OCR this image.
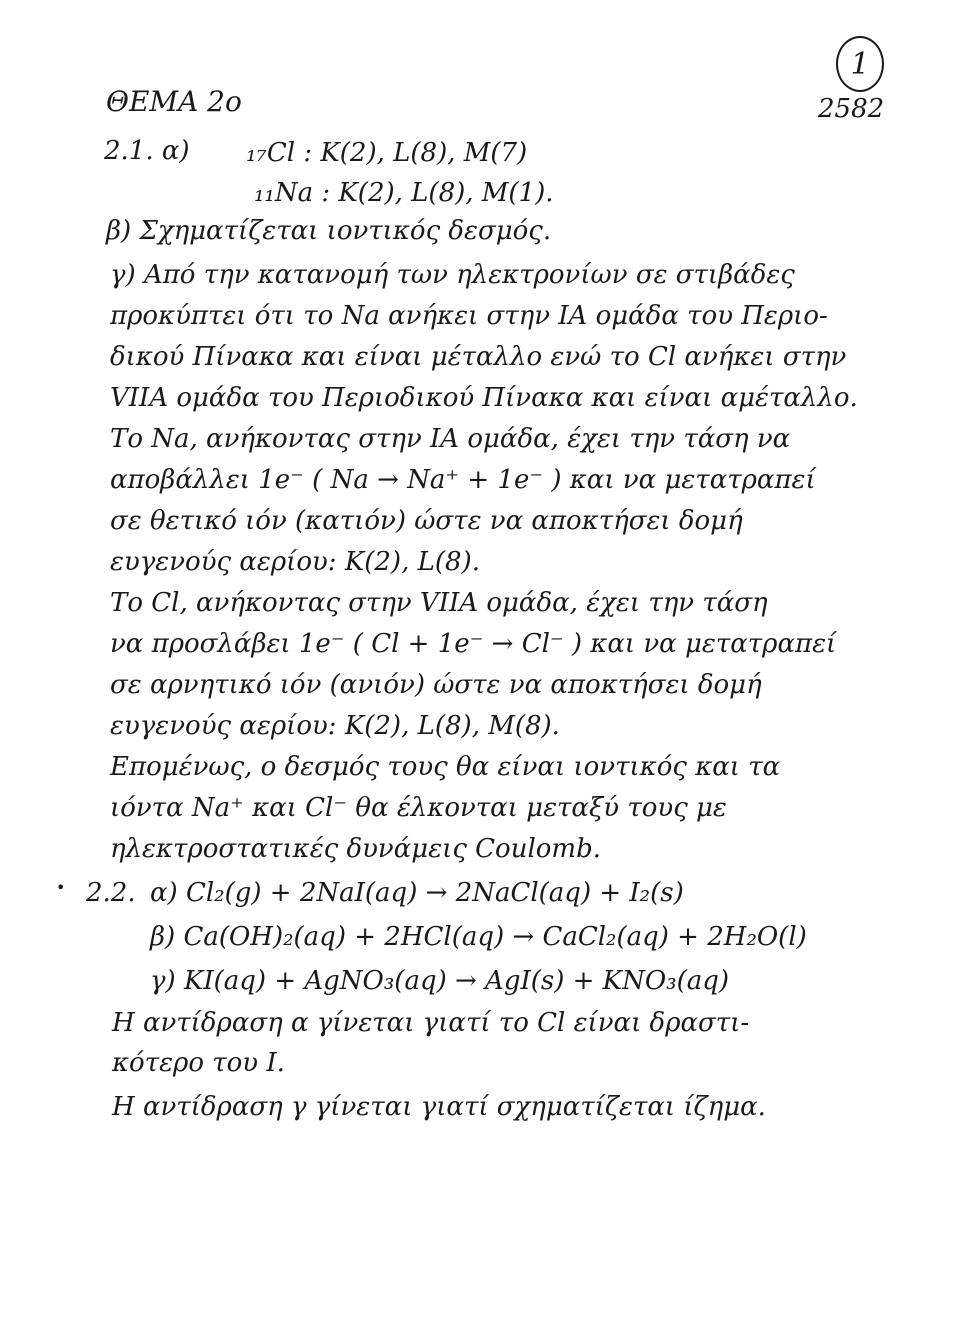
1
2582
ΘΕΜΑ 2ο
2.1. α) ₁₇Cl : K(2), L(8), M(7)
₁₁Na : K(2), L(8), M(1).
β) Σχηματίζεται ιοντικός δεσμός.
γ) Από την κατανομή των ηλεκτρονίων σε στιβάδες
προκύπτει ότι το Na ανήκει στην IA ομάδα του Περιο-
δικού Πίνακα και είναι μέταλλο ενώ το Cl ανήκει στην
VIIA ομάδα του Περιοδικού Πίνακα και είναι αμέταλλο.
Το Na, ανήκοντας στην IA ομάδα, έχει την τάση να
αποβάλλει 1e⁻ ( Na → Na⁺ + 1e⁻ ) και να μετατραπεί
σε θετικό ιόν (κατιόν) ώστε να αποκτήσει δομή
ευγενούς αερίου: K(2), L(8).
Το Cl, ανήκοντας στην VIIA ομάδα, έχει την τάση
να προσλάβει 1e⁻ ( Cl + 1e⁻ → Cl⁻ ) και να μετατραπεί
σε αρνητικό ιόν (ανιόν) ώστε να αποκτήσει δομή
ευγενούς αερίου: K(2), L(8), M(8).
Επομένως, ο δεσμός τους θα είναι ιοντικός και τα
ιόντα Na⁺ και Cl⁻ θα έλκονται μεταξύ τους με
ηλεκτροστατικές δυνάμεις Coulomb.
• 2.2. α) Cl₂(g) + 2NaI(aq) → 2NaCl(aq) + I₂(s)
β) Ca(OH)₂(aq) + 2HCl(aq) → CaCl₂(aq) + 2H₂O(l)
γ) KI(aq) + AgNO₃(aq) → AgI(s) + KNO₃(aq)
Η αντίδραση α γίνεται γιατί το Cl είναι δραστι-
κότερο του I.
Η αντίδραση γ γίνεται γιατί σχηματίζεται ίζημα.
